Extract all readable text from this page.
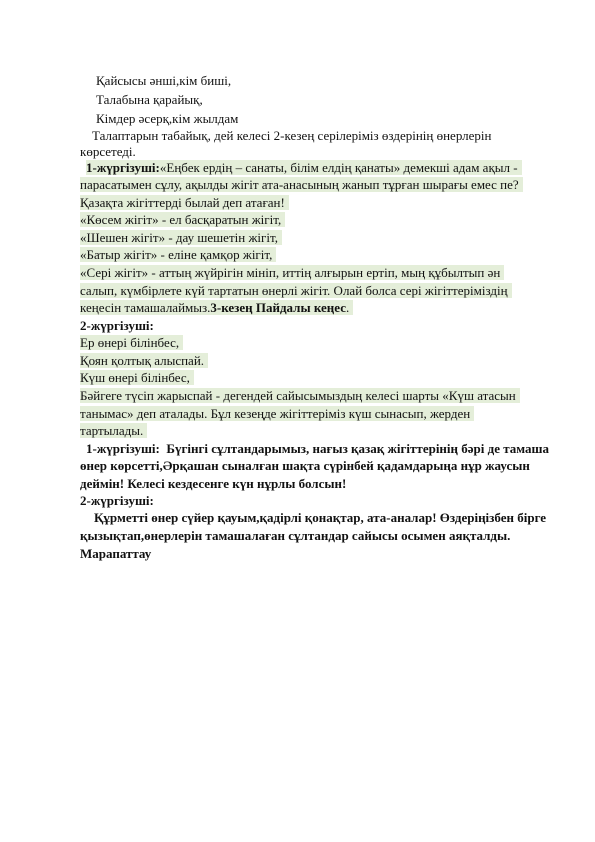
Қайсысы әнші,кім биші,
Талабына қарайық,
Кімдер әсерқ,кім жылдам
Талаптарын табайық, дей келесі 2-кезең серілеріміз өздерінің өнерлерін
көрсетеді.
1-жүргізуші:«Еңбек ердің – санаты, білім елдің қанаты» демекші адам ақыл -
парасатымен сұлу, ақылды жігіт ата-анасының жанып тұрған шырағы емес пе?
Қазақта жігіттерді былай деп атаған!
«Көсем жігіт» - ел басқаратын жігіт,
«Шешен жігіт» - дау шешетін жігіт,
«Батыр жігіт» - еліне қамқор жігіт,
«Сері жігіт» - аттың жүйрігін мініп, иттің алғырын ертіп, мың құбылтып ән
салып, күмбірлете күй тартатын өнерлі жігіт. Олай болса сері жігіттеріміздің
кеңесін тамашалаймыз.3-кезең Пайдалы кеңес.
2-жүргізуші:
Ер өнері білінбес,
Қоян қолтық алыспай.
Күш өнері білінбес,
Бәйгеге түсіп жарыспай - дегендей сайысымыздың келесі шарты «Күш атасын
танымас» деп аталады. Бұл кезеңде жігіттеріміз күш сынасып, жерден
тартылады.
1-жүргізуші: Бүгінгі сұлтандарымыз, нағыз қазақ жігіттерінің бәрі де тамаша
өнер көрсетті,Әрқашан сыналған шақта сүрінбей қадамдарыңа нұр жаусын
деймін! Келесі кездесенге күн нұрлы болсын!
2-жүргізуші:
Құрметті өнер сүйер қауым,қадірлі қонақтар, ата-аналар! Өздеріңізбен бірге
қызықтап,өнерлерін тамашалаған сұлтандар сайысы осымен аяқталды.
Марапаттау
